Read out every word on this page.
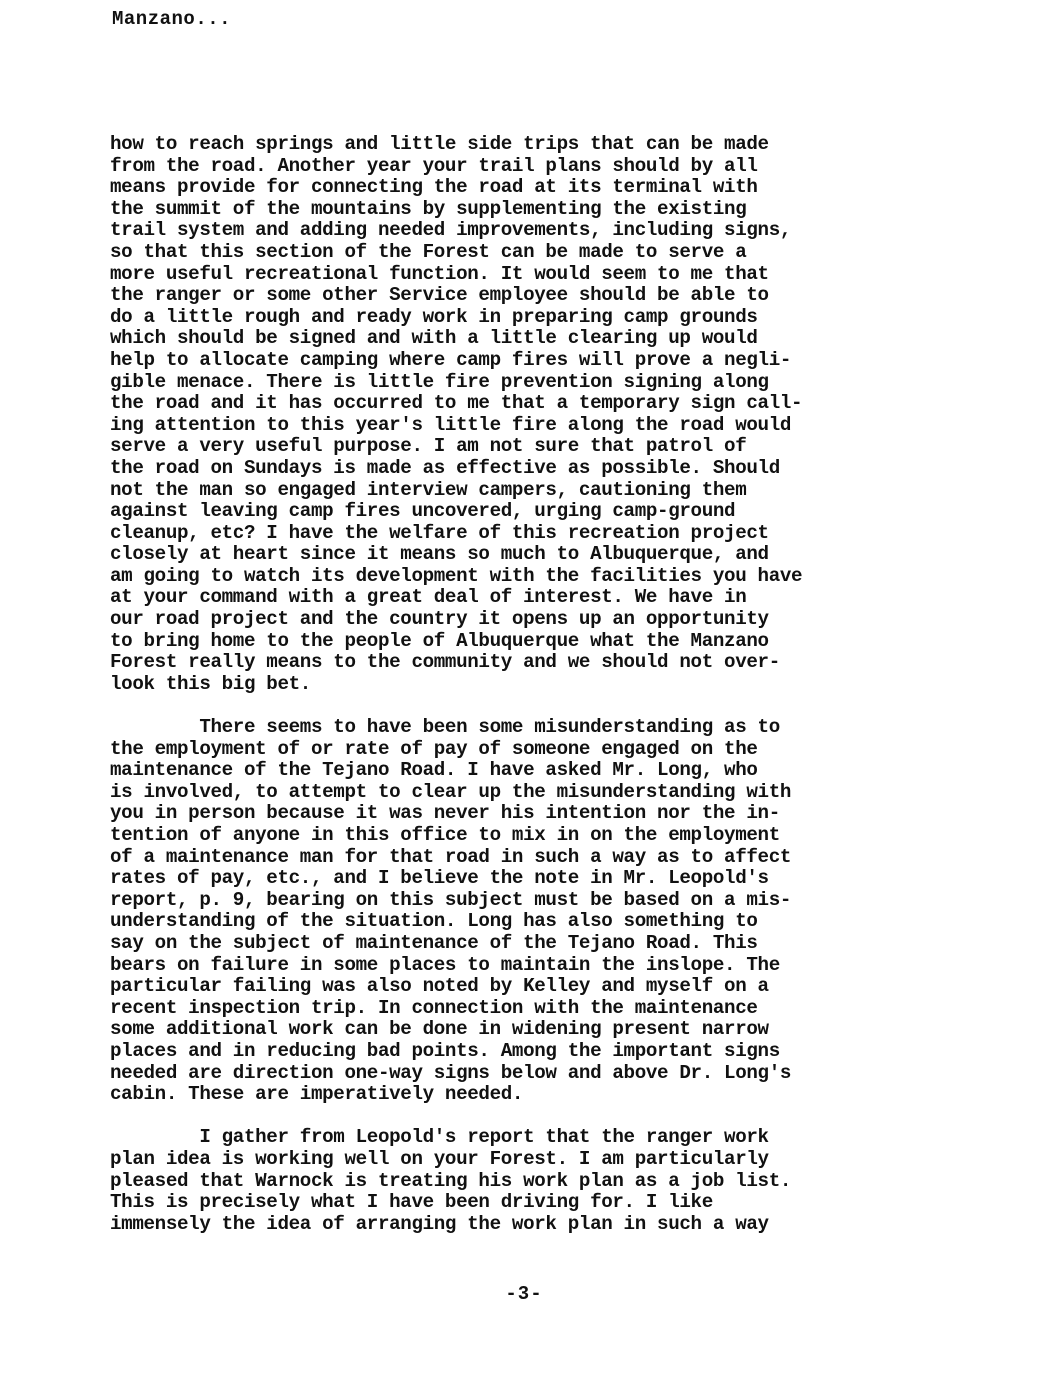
Manzano...
how to reach springs and little side trips that can be made
from the road. Another year your trail plans should by all
means provide for connecting the road at its terminal with
the summit of the mountains by supplementing the existing
trail system and adding needed improvements, including signs,
so that this section of the Forest can be made to serve a
more useful recreational function. It would seem to me that
the ranger or some other Service employee should be able to
do a little rough and ready work in preparing camp grounds
which should be signed and with a little clearing up would
help to allocate camping where camp fires will prove a negli-
gible menace. There is little fire prevention signing along
the road and it has occurred to me that a temporary sign call-
ing attention to this year's little fire along the road would
serve a very useful purpose. I am not sure that patrol of
the road on Sundays is made as effective as possible. Should
not the man so engaged interview campers, cautioning them
against leaving camp fires uncovered, urging camp-ground
cleanup, etc? I have the welfare of this recreation project
closely at heart since it means so much to Albuquerque, and
am going to watch its development with the facilities you have
at your command with a great deal of interest. We have in
our road project and the country it opens up an opportunity
to bring home to the people of Albuquerque what the Manzano
Forest really means to the community and we should not over-
look this big bet.
There seems to have been some misunderstanding as to
the employment of or rate of pay of someone engaged on the
maintenance of the Tejano Road. I have asked Mr. Long, who
is involved, to attempt to clear up the misunderstanding with
you in person because it was never his intention nor the in-
tention of anyone in this office to mix in on the employment
of a maintenance man for that road in such a way as to affect
rates of pay, etc., and I believe the note in Mr. Leopold's
report, p. 9, bearing on this subject must be based on a mis-
understanding of the situation. Long has also something to
say on the subject of maintenance of the Tejano Road. This
bears on failure in some places to maintain the inslope. The
particular failing was also noted by Kelley and myself on a
recent inspection trip. In connection with the maintenance
some additional work can be done in widening present narrow
places and in reducing bad points. Among the important signs
needed are direction one-way signs below and above Dr. Long's
cabin. These are imperatively needed.
I gather from Leopold's report that the ranger work
plan idea is working well on your Forest. I am particularly
pleased that Warnock is treating his work plan as a job list.
This is precisely what I have been driving for. I like
immensely the idea of arranging the work plan in such a way
-3-
